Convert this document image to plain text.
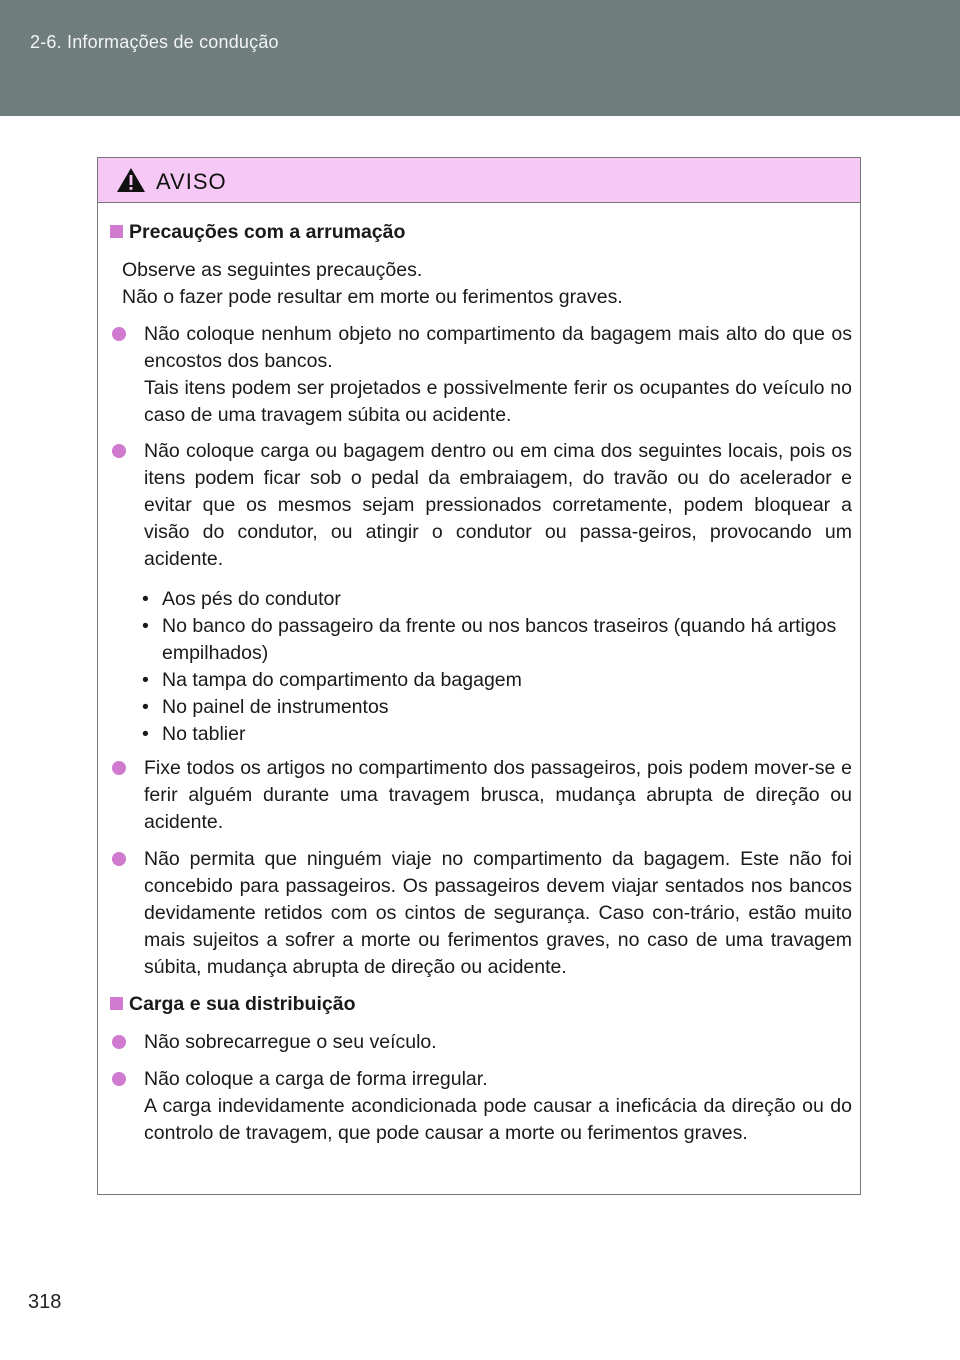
2-6. Informações de condução
AVISO
Precauções com a arrumação
Observe as seguintes precauções.
Não o fazer pode resultar em morte ou ferimentos graves.
Não coloque nenhum objeto no compartimento da bagagem mais alto do que os encostos dos bancos.
Tais itens podem ser projetados e possivelmente ferir os ocupantes do veículo no caso de uma travagem súbita ou acidente.
Não coloque carga ou bagagem dentro ou em cima dos seguintes locais, pois os itens podem ficar sob o pedal da embraiagem, do travão ou do acelerador e evitar que os mesmos sejam pressionados corretamente, podem bloquear a visão do condutor, ou atingir o condutor ou passa-geiros, provocando um acidente.
• Aos pés do condutor
• No banco do passageiro da frente ou nos bancos traseiros (quando há artigos empilhados)
• Na tampa do compartimento da bagagem
• No painel de instrumentos
• No tablier
Fixe todos os artigos no compartimento dos passageiros, pois podem mover-se e ferir alguém durante uma travagem brusca, mudança abrupta de direção ou acidente.
Não permita que ninguém viaje no compartimento da bagagem. Este não foi concebido para passageiros. Os passageiros devem viajar sentados nos bancos devidamente retidos com os cintos de segurança. Caso con-trário, estão muito mais sujeitos a sofrer a morte ou ferimentos graves, no caso de uma travagem súbita, mudança abrupta de direção ou acidente.
Carga e sua distribuição
Não sobrecarregue o seu veículo.
Não coloque a carga de forma irregular.
A carga indevidamente acondicionada pode causar a ineficácia da direção ou do controlo de travagem, que pode causar a morte ou ferimentos graves.
318
